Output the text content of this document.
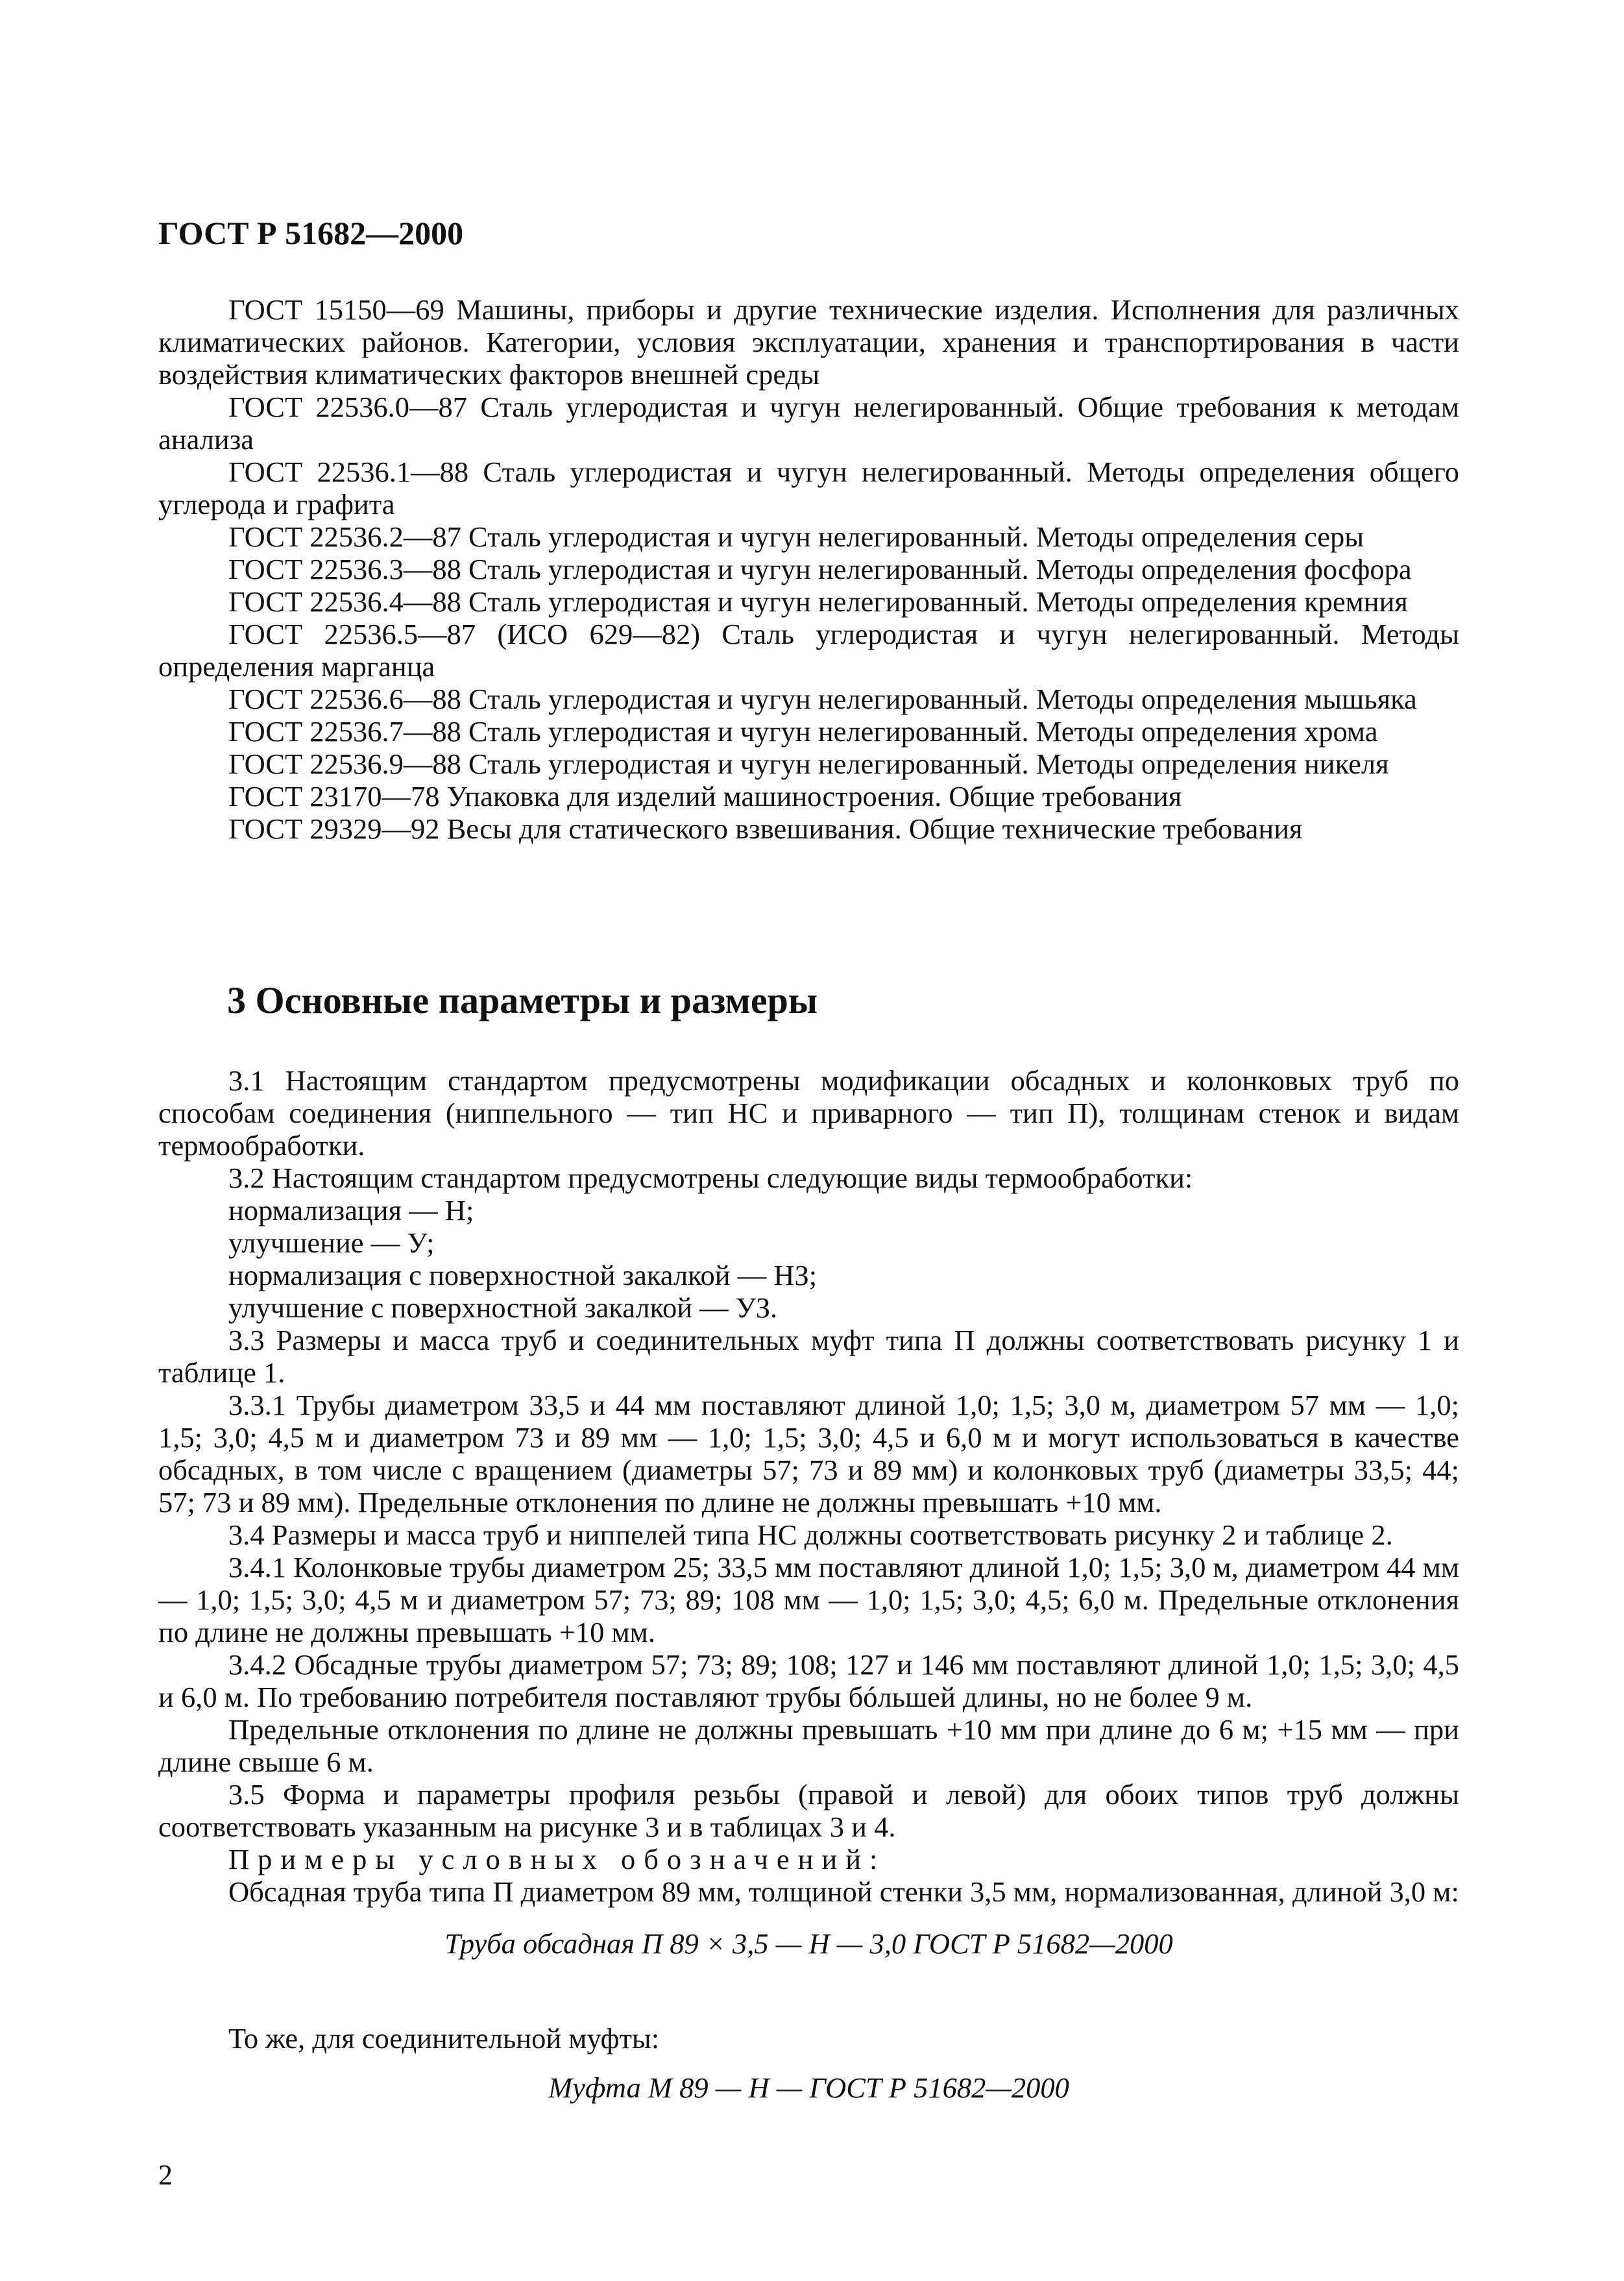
ГОСТ Р 51682—2000

ГОСТ 15150—69 Машины, приборы и другие технические изделия. Исполнения для различных климатических районов. Категории, условия эксплуатации, хранения и транспортирования в части воздействия климатических факторов внешней среды

ГОСТ 22536.0—87 Сталь углеродистая и чугун нелегированный. Общие требования к методам анализа

ГОСТ 22536.1—88 Сталь углеродистая и чугун нелегированный. Методы определения общего углерода и графита

ГОСТ 22536.2—87 Сталь углеродистая и чугун нелегированный. Методы определения серы

ГОСТ 22536.3—88 Сталь углеродистая и чугун нелегированный. Методы определения фосфора

ГОСТ 22536.4—88 Сталь углеродистая и чугун нелегированный. Методы определения кремния

ГОСТ 22536.5—87 (ИСО 629—82) Сталь углеродистая и чугун нелегированный. Методы определения марганца

ГОСТ 22536.6—88 Сталь углеродистая и чугун нелегированный. Методы определения мышьяка

ГОСТ 22536.7—88 Сталь углеродистая и чугун нелегированный. Методы определения хрома

ГОСТ 22536.9—88 Сталь углеродистая и чугун нелегированный. Методы определения никеля

ГОСТ 23170—78 Упаковка для изделий машиностроения. Общие требования

ГОСТ 29329—92 Весы для статического взвешивания. Общие технические требования

3 Основные параметры и размеры

3.1 Настоящим стандартом предусмотрены модификации обсадных и колонковых труб по способам соединения (ниппельного — тип НС и приварного — тип П), толщинам стенок и видам термообработки.

3.2 Настоящим стандартом предусмотрены следующие виды термообработки:

нормализация — Н;

улучшение — У;

нормализация с поверхностной закалкой — НЗ;

улучшение с поверхностной закалкой — УЗ.

3.3 Размеры и масса труб и соединительных муфт типа П должны соответствовать рисунку 1 и таблице 1.

3.3.1 Трубы диаметром 33,5 и 44 мм поставляют длиной 1,0; 1,5; 3,0 м, диаметром 57 мм — 1,0; 1,5; 3,0; 4,5 м и диаметром 73 и 89 мм — 1,0; 1,5; 3,0; 4,5 и 6,0 м и могут использоваться в качестве обсадных, в том числе с вращением (диаметры 57; 73 и 89 мм) и колонковых труб (диаметры 33,5; 44; 57; 73 и 89 мм). Предельные отклонения по длине не должны превышать +10 мм.

3.4 Размеры и масса труб и ниппелей типа НС должны соответствовать рисунку 2 и таблице 2.

3.4.1 Колонковые трубы диаметром 25; 33,5 мм поставляют длиной 1,0; 1,5; 3,0 м, диаметром 44 мм — 1,0; 1,5; 3,0; 4,5 м и диаметром 57; 73; 89; 108 мм — 1,0; 1,5; 3,0; 4,5; 6,0 м. Предельные отклонения по длине не должны превышать +10 мм.

3.4.2 Обсадные трубы диаметром 57; 73; 89; 108; 127 и 146 мм поставляют длиной 1,0; 1,5; 3,0; 4,5 и 6,0 м. По требованию потребителя поставляют трубы бóльшей длины, но не более 9 м.

Предельные отклонения по длине не должны превышать +10 мм при длине до 6 м; +15 мм — при длине свыше 6 м.

3.5 Форма и параметры профиля резьбы (правой и левой) для обоих типов труб должны соответствовать указанным на рисунке 3 и в таблицах 3 и 4.

Примеры условных обозначений:

Обсадная труба типа П диаметром 89 мм, толщиной стенки 3,5 мм, нормализованная, длиной 3,0 м:

Труба обсадная П 89 × 3,5 — Н — 3,0 ГОСТ Р 51682—2000

То же, для соединительной муфты:

Муфта М 89 — Н — ГОСТ Р 51682—2000

2
